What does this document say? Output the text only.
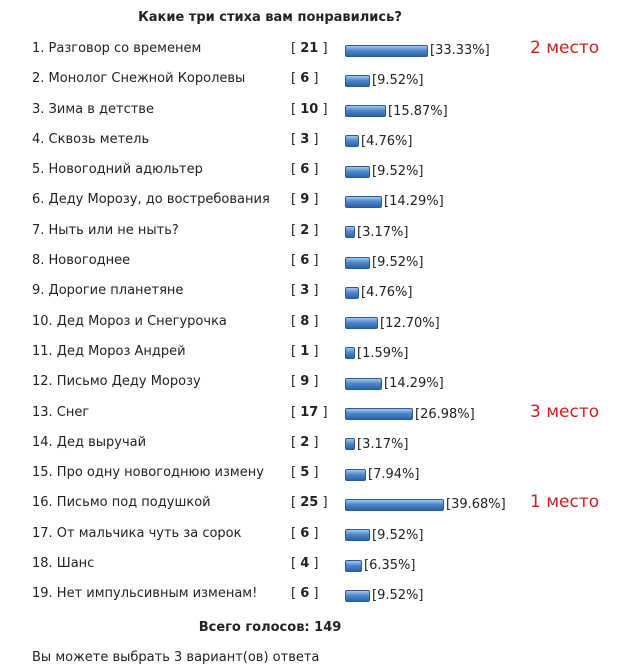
Какие три стиха вам понравились?
1. Разговор со временем	[ 21 ]	[33.33%] 2 место
2. Монолог Снежной Королевы	[ 6 ]	[9.52%]
3. Зима в детстве	[ 10 ]	[15.87%]
4. Сквозь метель	[ 3 ]	[4.76%]
5. Новогодний адюльтер	[ 6 ]	[9.52%]
6. Деду Морозу, до востребования [ 9 ]	[14.29%]
7. Ныть или не ныть?	[ 2 ]	[3.17%]
8. Новогоднее	[ 6 ]	[9.52%]
9. Дорогие планетяне	[ 3 ]	[4.76%]
10. Дед Мороз и Снегурочка	[ 8 ]	[12.70%]
11. Дед Мороз Андрей	[ 1 ]	[1.59%]
12. Письмо Деду Морозу	[ 9 ]	[14.29%]
13. Снег	[ 17 ]	[26.98%]	3 место
14. Дед выручай	[ 2 ]	[3.17%]
15. Про одну новогоднюю измену [ 5 ]	[7.94%]
16. Письмо под подушкой	[ 25 ]	[39.68%] 1 место
17. От мальчика чуть за сорок	[ 6 ]	[9.52%]
18. Шанс	[ 4 ]	[6.35%]
19. Нет импульсивным изменам!	[ 6 ]	[9.52%]
Всего голосов: 149
Вы можете выбрать 3 вариант(ов) ответа
